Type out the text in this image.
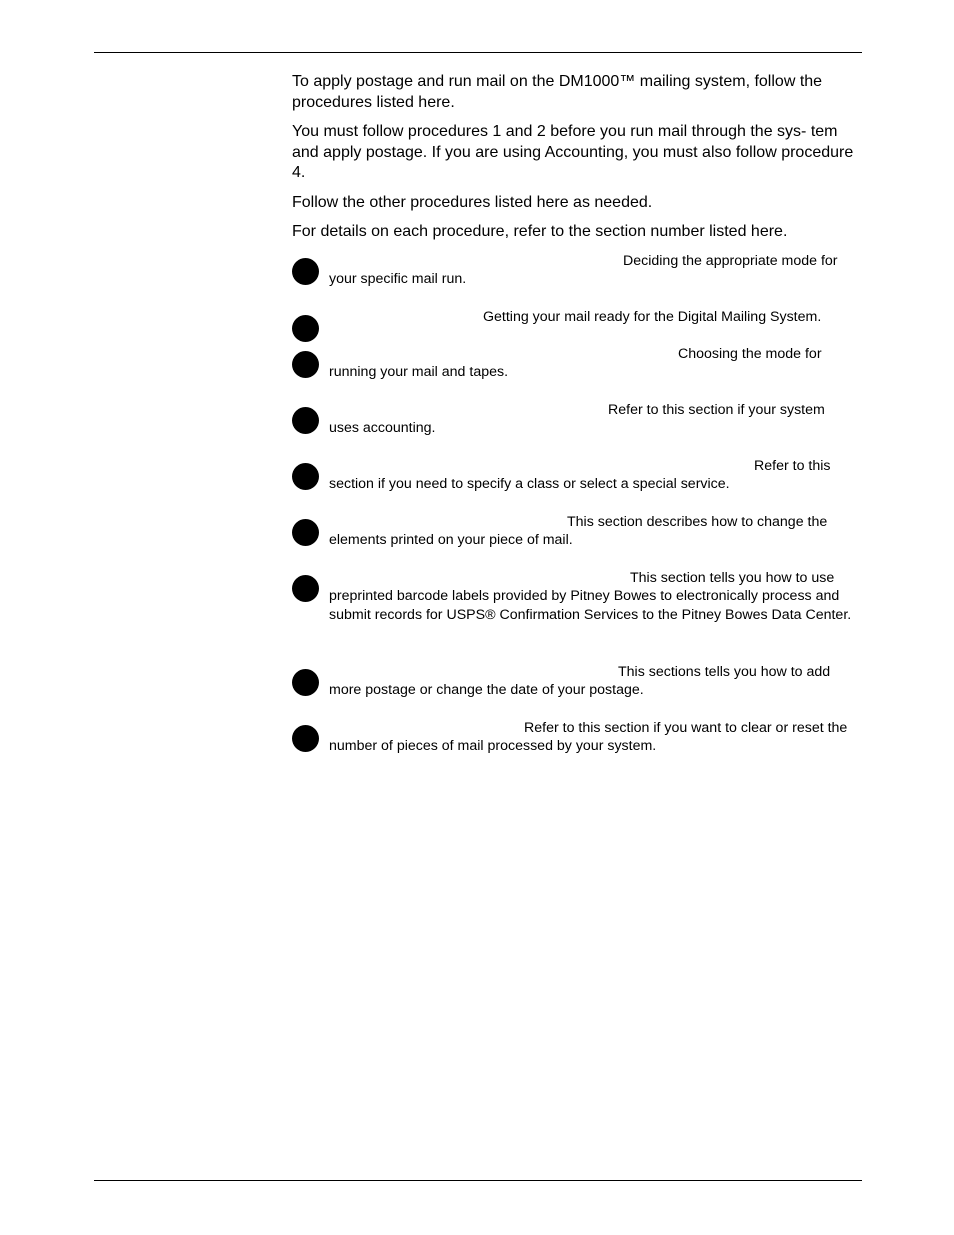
To apply postage and run mail on the DM1000™ mailing system, follow the procedures listed here.

You must follow procedures 1 and 2 before you run mail through the sys- tem and apply postage. If you are using Accounting, you must also follow procedure 4.

Follow the other procedures listed here as needed.

For details on each procedure, refer to the section number listed here.

Deciding the appropriate mode for your specific mail run.

Getting your mail ready for the Digital Mailing System.

Choosing the mode for running your mail and tapes.

Refer to this section if your system uses accounting.

Refer to this section if you need to specify a class or select a special service.

This section describes how to change the elements printed on your piece of mail.

This section tells you how to use preprinted barcode labels provided by Pitney Bowes to electronically process and submit records for USPS® Confirmation Services to the Pitney Bowes Data Center.

This sections tells you how to add more postage or change the date of your postage.

Refer to this section if you want to clear or reset the number of pieces of mail processed by your system.
